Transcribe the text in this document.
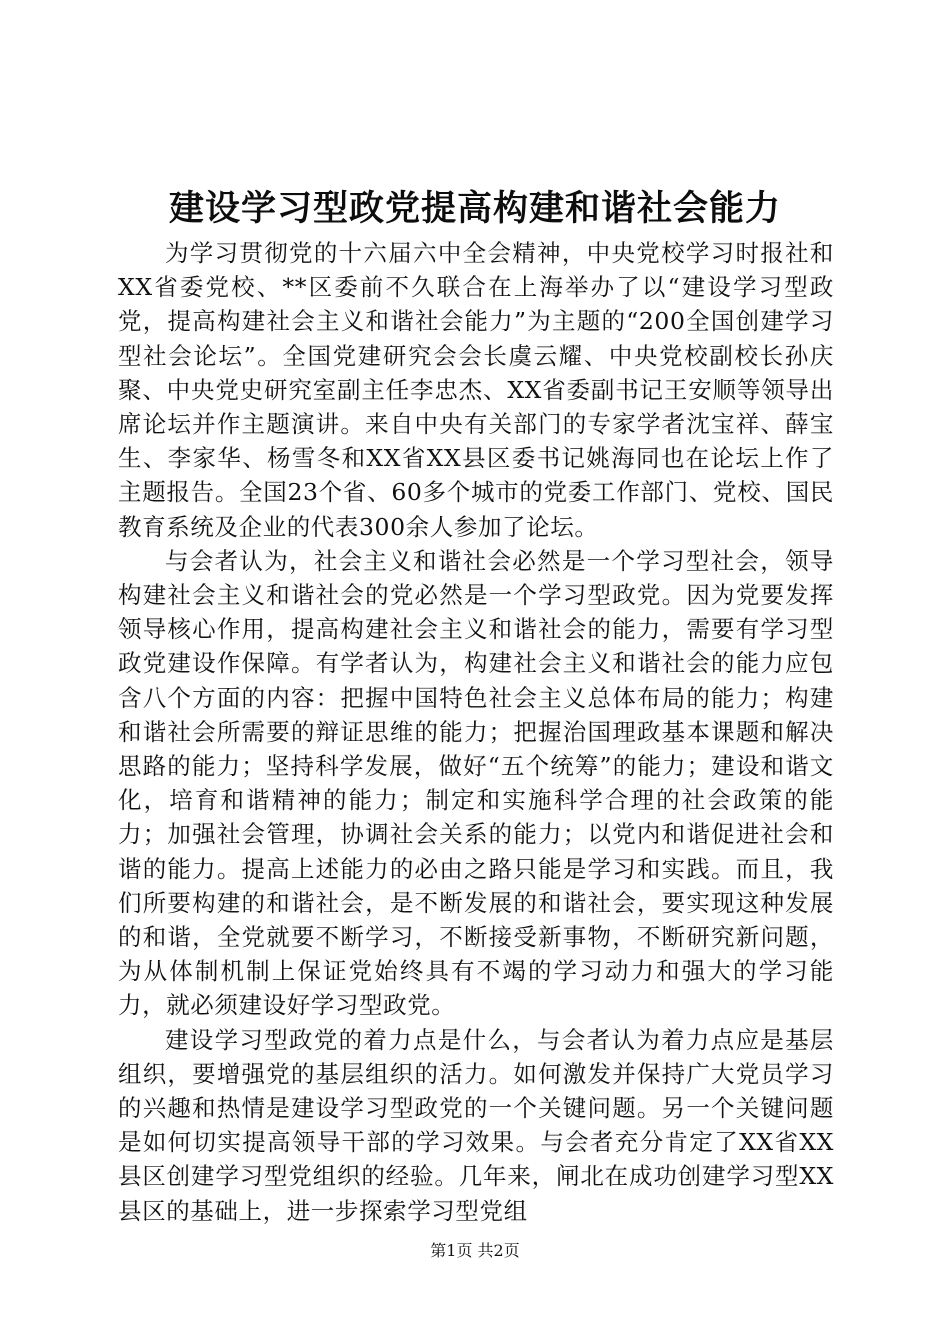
建设学习型政党提高构建和谐社会能力

为学习贯彻党的十六届六中全会精神，中央党校学习时报社和XX省委党校、**区委前不久联合在上海举办了以“建设学习型政党，提高构建社会主义和谐社会能力”为主题的“200全国创建学习型社会论坛”。全国党建研究会会长虞云耀、中央党校副校长孙庆聚、中央党史研究室副主任李忠杰、XX省委副书记王安顺等领导出席论坛并作主题演讲。来自中央有关部门的专家学者沈宝祥、薛宝生、李家华、杨雪冬和XX省XX县区委书记姚海同也在论坛上作了主题报告。全国23个省、60多个城市的党委工作部门、党校、国民教育系统及企业的代表300余人参加了论坛。

与会者认为，社会主义和谐社会必然是一个学习型社会，领导构建社会主义和谐社会的党必然是一个学习型政党。因为党要发挥领导核心作用，提高构建社会主义和谐社会的能力，需要有学习型政党建设作保障。有学者认为，构建社会主义和谐社会的能力应包含八个方面的内容：把握中国特色社会主义总体布局的能力；构建和谐社会所需要的辩证思维的能力；把握治国理政基本课题和解决思路的能力；坚持科学发展，做好“五个统筹”的能力；建设和谐文化，培育和谐精神的能力；制定和实施科学合理的社会政策的能力；加强社会管理，协调社会关系的能力；以党内和谐促进社会和谐的能力。提高上述能力的必由之路只能是学习和实践。而且，我们所要构建的和谐社会，是不断发展的和谐社会，要实现这种发展的和谐，全党就要不断学习，不断接受新事物，不断研究新问题，为从体制机制上保证党始终具有不竭的学习动力和强大的学习能力，就必须建设好学习型政党。

建设学习型政党的着力点是什么，与会者认为着力点应是基层组织，要增强党的基层组织的活力。如何激发并保持广大党员学习的兴趣和热情是建设学习型政党的一个关键问题。另一个关键问题是如何切实提高领导干部的学习效果。与会者充分肯定了XX省XX县区创建学习型党组织的经验。几年来，闸北在成功创建学习型XX县区的基础上，进一步探索学习型党组

第1页 共2页
